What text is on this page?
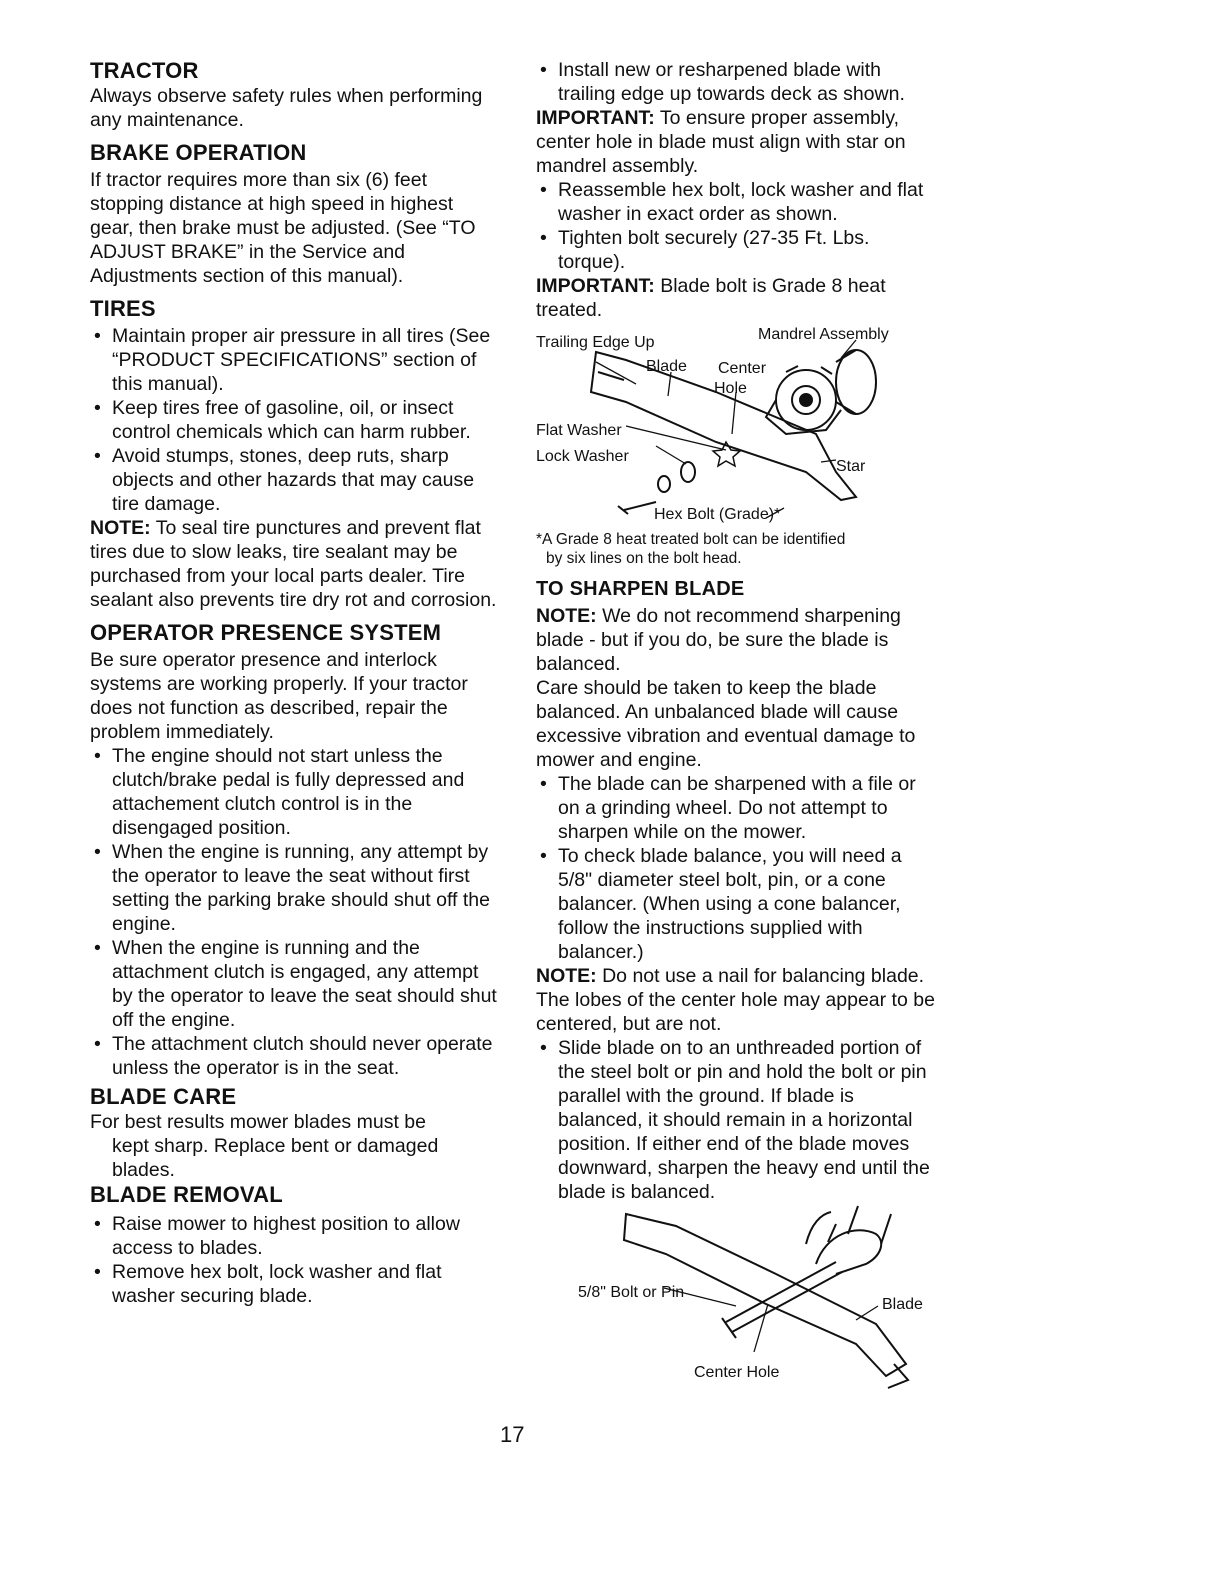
TRACTOR

Always observe safety rules when performing any maintenance.

BRAKE OPERATION

If tractor requires more than six (6) feet stopping distance at high speed in highest gear, then brake must be adjusted. (See “TO ADJUST BRAKE” in the Service and Adjustments section of this manual).

TIRES
• Maintain proper air pressure in all tires (See “PRODUCT SPECIFICATIONS” section of this manual).
• Keep tires free of gasoline, oil, or insect control chemicals which can harm rubber.
• Avoid stumps, stones, deep ruts, sharp objects and other hazards that may cause tire damage.

NOTE: To seal tire punctures and prevent flat tires due to slow leaks, tire sealant may be purchased from your local parts dealer. Tire sealant also prevents tire dry rot and corrosion.

OPERATOR PRESENCE SYSTEM

Be sure operator presence and interlock systems are working properly. If your tractor does not function as described, repair the problem immediately.

• The engine should not start unless the clutch/brake pedal is fully depressed and attachement clutch control is in the disengaged position.
• When the engine is running, any attempt by the operator to leave the seat without first setting the parking brake should shut off the engine.
• When the engine is running and the attachment clutch is engaged, any attempt by the operator to leave the seat should shut off the engine.
• The attachment clutch should never operate unless the operator is in the seat.
BLADE CARE

For best results mower blades must be

kept sharp. Replace bent or damaged blades.

BLADE REMOVAL
• Raise mower to highest position to allow access to blades.
• Remove hex bolt, lock washer and flat washer securing blade.
• Install new or resharpened blade with trailing edge up towards deck as shown.

IMPORTANT: To ensure proper assembly, center hole in blade must align with star on mandrel assembly.

• Reassemble hex bolt, lock washer and flat washer in exact order as shown.
• Tighten bolt securely (27-35 Ft. Lbs. torque).

IMPORTANT: Blade bolt is Grade 8 heat treated.

Trailing Edge Up	Mandrel Assembly
Blade Center
Hole
Flat Washer
Lock Washer
Star
Hex Bolt (Grade)*

*A Grade 8 heat treated bolt can be identified

by six lines on the bolt head.

TO SHARPEN BLADE

NOTE: We do not recommend sharpening blade - but if you do, be sure the blade is balanced.

Care should be taken to keep the blade balanced. An unbalanced blade will cause excessive vibration and eventual damage to mower and engine.

• The blade can be sharpened with a file or on a grinding wheel. Do not attempt to sharpen while on the mower.
• To check blade balance, you will need a 5/8" diameter steel bolt, pin, or a cone balancer. (When using a cone balancer, follow the instructions supplied with balancer.)

NOTE: Do not use a nail for balancing blade. The lobes of the center hole may appear to be centered, but are not.

• Slide blade on to an unthreaded portion of the steel bolt or pin and hold the bolt or pin parallel with the ground. If blade is balanced, it should remain in a horizontal position. If either end of the blade moves downward, sharpen the heavy end until the blade is balanced.
5/8" Bolt or Pin
Blade
Center Hole
17
